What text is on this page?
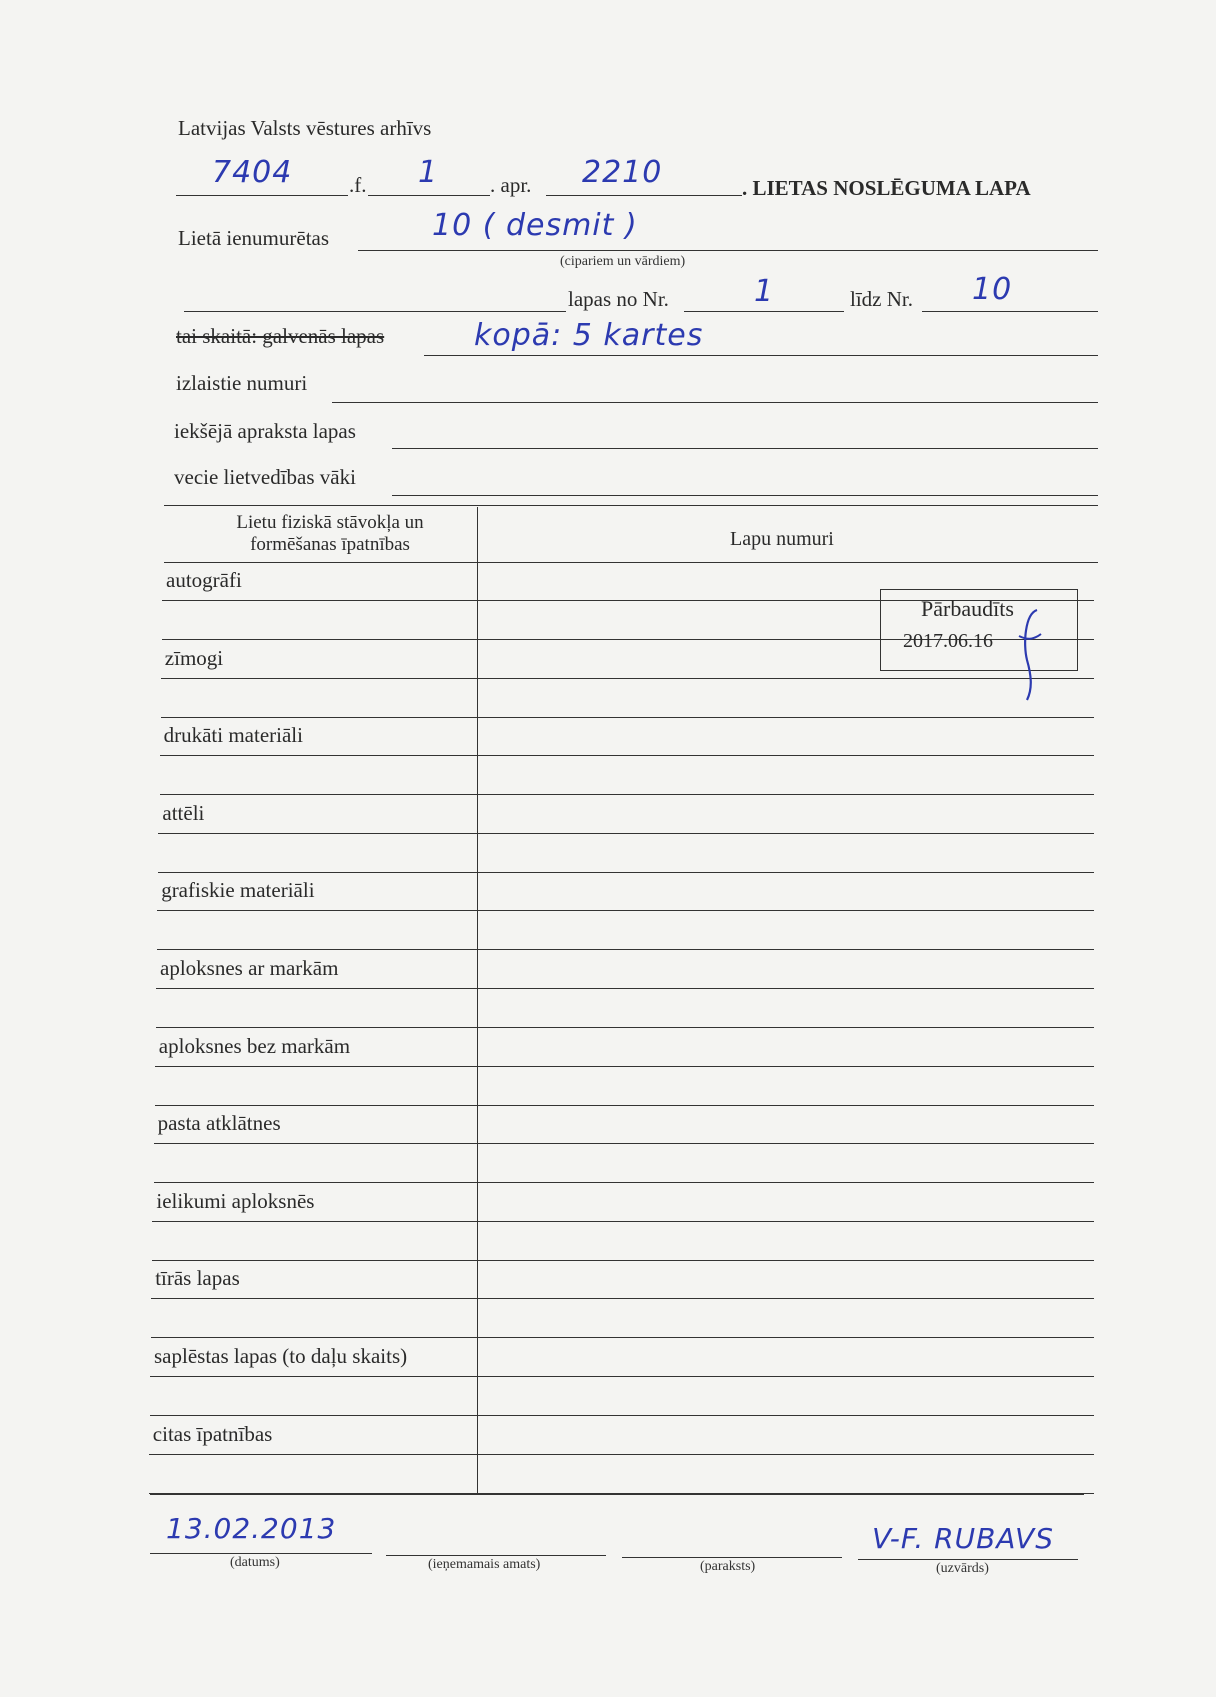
Latvijas Valsts vēstures arhīvs
7404	.f. 1 . apr. 2210	. LIETAS NOSLĒGUMA LAPA
Lietā ienumurētas	10 ( desmit )
(cipariem un vārdiem)
lapas no Nr.	1	līdz Nr. 10
tai skaitā: galvenās lapas	kopā: 5 kartes
izlaistie numuri
iekšējā apraksta lapas
vecie lietvedības vāki
Lietu fiziskā stāvokļa un formēšanas īpatnības	Lapu numuri
autogrāfi
zīmogi
drukāti materiāli
attēli
grafiskie materiāli
aploksnes ar markām
aploksnes bez markām
pasta atklātnes
ielikumi aploksnēs
tīrās lapas
saplēstas lapas (to daļu skaits)
citas īpatnības
Pārbaudīts
2017.06.16
13.02.2013
(datums)	(ieņemamais amats)	(paraksts)
V-F. RUBAVS
(uzvārds)
